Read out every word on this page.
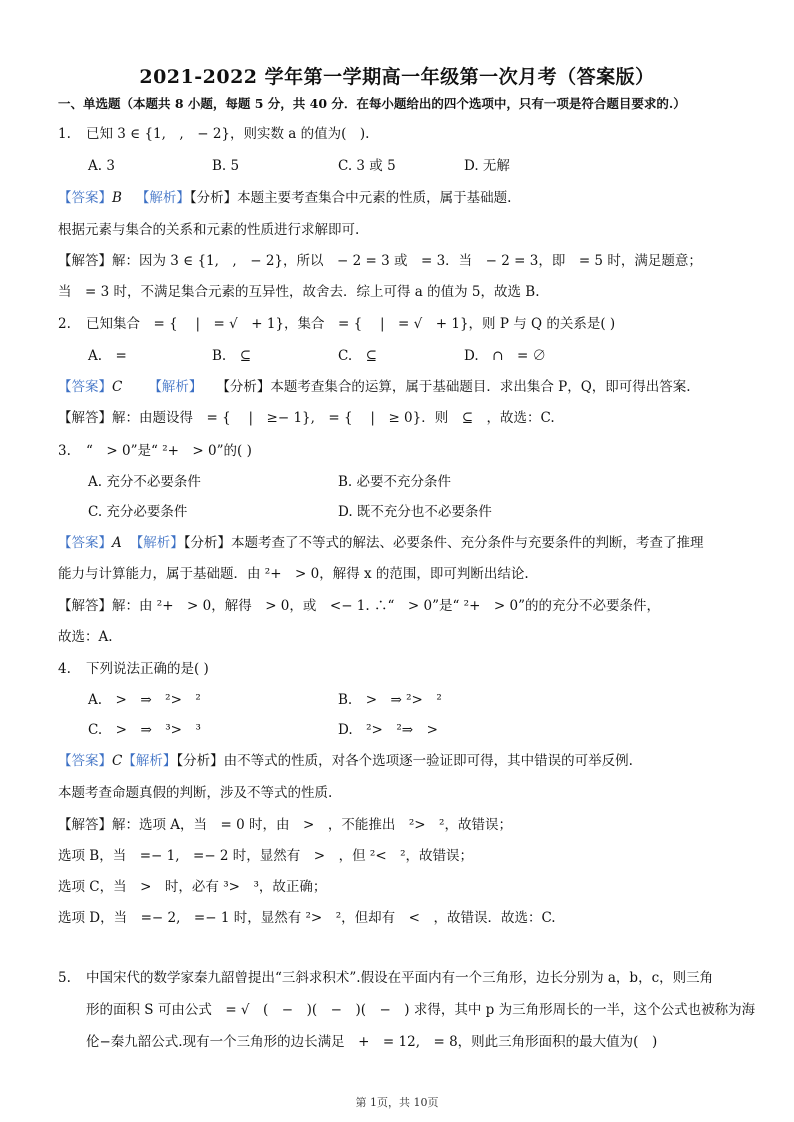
2021-2022 学年第一学期高一年级第一次月考（答案版）
一、单选题（本题共 8 小题，每题 5 分，共 40 分．在每小题给出的四个选项中，只有一项是符合题目要求的.）
1. 已知 3 ∈ {1,　,　− 2}，则实数 a 的值为(　).
A. 3	B. 5	C. 3 或 5	D. 无解
【答案】B 【解析】【分析】本题主要考查集合中元素的性质，属于基础题.
根据元素与集合的关系和元素的性质进行求解即可.
【解答】解：因为 3 ∈ {1,　,　− 2}，所以　− 2 = 3 或　= 3．当　− 2 = 3，即　= 5 时，满足题意；
当　= 3 时，不满足集合元素的互异性，故舍去．综上可得 a 的值为 5，故选 B.
2. 已知集合　= { 　|　= √　+ 1}，集合　= { 　|　= √　+ 1}，则 P 与 Q 的关系是( )
A.　=	B.　⊆	C.　⊆	D.　∩　= ∅
【答案】C 【解析】 【分析】本题考查集合的运算，属于基础题目．求出集合 P，Q，即可得出答案.
【解答】解：由题设得　= { 　|　≥− 1},　= { 　|　≥ 0}．则　⊆　，故选：C.
3. “　> 0”是“ ²+　> 0”的( )
A. 充分不必要条件	B. 必要不充分条件
C. 充分必要条件	D. 既不充分也不必要条件
【答案】A 【解析】【分析】本题考查了不等式的解法、必要条件、充分条件与充要条件的判断，考查了推理
能力与计算能力，属于基础题．由 ²+　> 0，解得 x 的范围，即可判断出结论.
【解答】解：由 ²+　> 0，解得　> 0，或　<− 1. ∴“　> 0”是“ ²+　> 0”的的充分不必要条件，
故选：A.
4. 下列说法正确的是( )
A.　>　⇒　²>　²	B.　>　⇒ ²>　²
C.　>　⇒　³>　³	D.　²>　²⇒　>
【答案】C【解析】【分析】由不等式的性质，对各个选项逐一验证即可得，其中错误的可举反例.
本题考查命题真假的判断，涉及不等式的性质.
【解答】解：选项 A，当　= 0 时，由　>　，不能推出　²>　²，故错误；
选项 B，当　=− 1,　=− 2 时，显然有　>　，但 ²<　²，故错误；
选项 C，当　>　时，必有 ³>　³，故正确；
选项 D，当　=− 2,　=− 1 时，显然有 ²>　²，但却有　<　，故错误．故选：C.
5. 中国宋代的数学家秦九韶曾提出“三斜求积术”.假设在平面内有一个三角形，边长分别为 a，b，c，则三角
形的面积 S 可由公式　= √　(　−　)(　−　)(　−　) 求得，其中 p 为三角形周长的一半，这个公式也被称为海
伦−秦九韶公式.现有一个三角形的边长满足　+　= 12,　= 8，则此三角形面积的最大值为(　)
第 1页，共 10页
